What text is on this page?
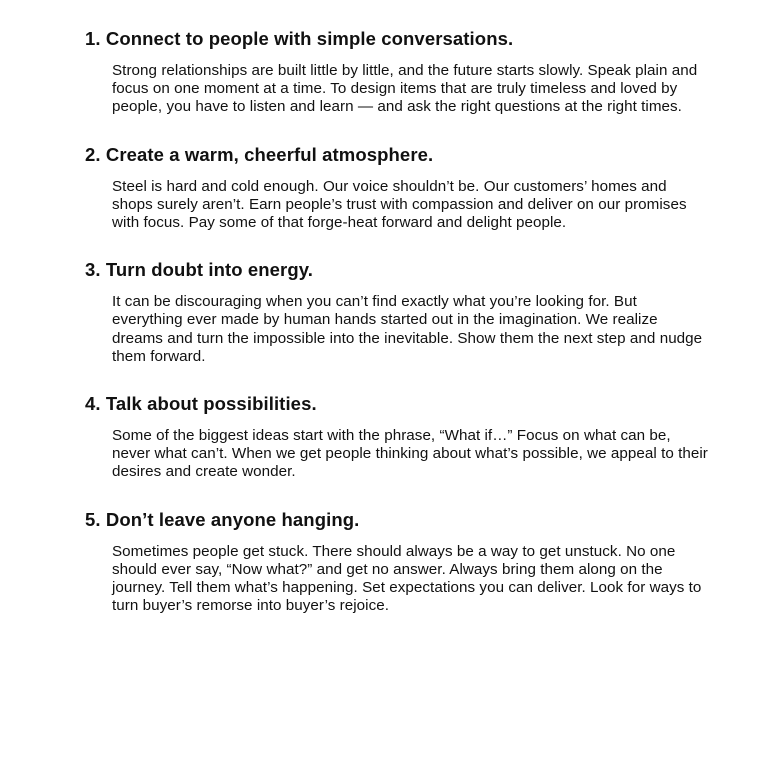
1. Connect to people with simple conversations.
Strong relationships are built little by little, and the future starts slowly. Speak plain and focus on one moment at a time. To design items that are truly timeless and loved by people, you have to listen and learn — and ask the right questions at the right times.
2. Create a warm, cheerful atmosphere.
Steel is hard and cold enough. Our voice shouldn’t be. Our customers’ homes and shops surely aren’t. Earn people’s trust with compassion and deliver on our promises with focus. Pay some of that forge-heat forward and delight people.
3. Turn doubt into energy.
It can be discouraging when you can’t find exactly what you’re looking for. But everything ever made by human hands started out in the imagination. We realize dreams and turn the impossible into the inevitable. Show them the next step and nudge them forward.
4. Talk about possibilities.
Some of the biggest ideas start with the phrase, “What if…” Focus on what can be, never what can’t. When we get people thinking about what’s possible, we appeal to their desires and create wonder.
5. Don’t leave anyone hanging.
Sometimes people get stuck. There should always be a way to get unstuck. No one should ever say, “Now what?” and get no answer. Always bring them along on the journey. Tell them what’s happening. Set expectations you can deliver. Look for ways to turn buyer’s remorse into buyer’s rejoice.
